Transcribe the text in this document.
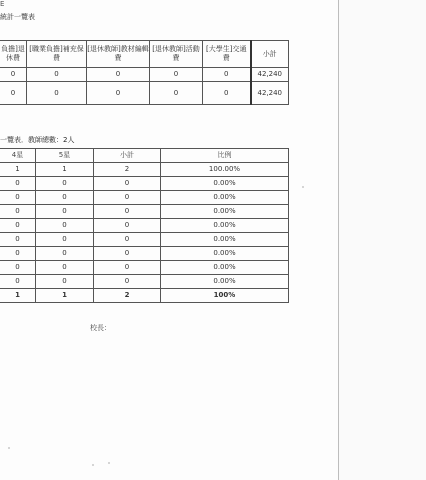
E
統計一覽表
負擔]退休費	[職業負擔]補充保費	[退休教師]教材編輯費	[退休教師]活動費	[大學生]交通費	小計
0	0	0	0	0	42,240
0	0	0	0	0	42,240
一覽表．教師總數：2人
4星	5星	小計	比例
1	1	2	100.00%
0	0	0	0.00%
0	0	0	0.00%
0	0	0	0.00%
0	0	0	0.00%
0	0	0	0.00%
0	0	0	0.00%
0	0	0	0.00%
0	0	0	0.00%
1	1	2	100%
校長：
